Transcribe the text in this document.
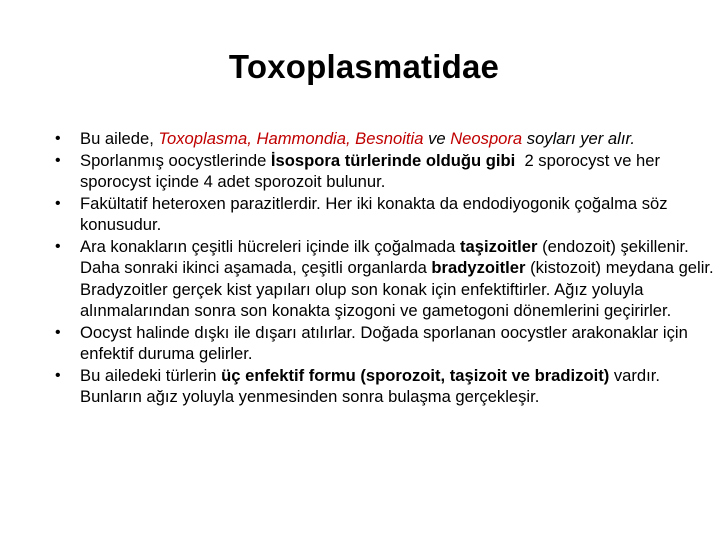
Toxoplasmatidae
• Bu ailede, Toxoplasma, Hammondia, Besnoitia ve Neospora soyları yer alır.
• Sporlanmış oocystlerinde İsospora türlerinde olduğu gibi  2 sporocyst ve her sporocyst içinde 4 adet sporozoit bulunur.
• Fakültatif heteroxen parazitlerdir. Her iki konakta da endodiyogonik çoğalma söz konusudur.
• Ara konakların çeşitli hücreleri içinde ilk çoğalmada taşizoitler (endozoit) şekillenir. Daha sonraki ikinci aşamada, çeşitli organlarda bradyzoitler (kistozoit) meydana gelir. Bradyzoitler gerçek kist yapıları olup son konak için enfektiftirler. Ağız yoluyla alınmalarından sonra son konakta şizogoni ve gametogoni dönemlerini geçirirler.
• Oocyst halinde dışkı ile dışarı atılırlar. Doğada sporlanan oocystler arakonaklar için enfektif duruma gelirler.
• Bu ailedeki türlerin üç enfektif formu (sporozoit, taşizoit ve bradizoit) vardır. Bunların ağız yoluyla yenmesinden sonra bulaşma gerçekleşir.
